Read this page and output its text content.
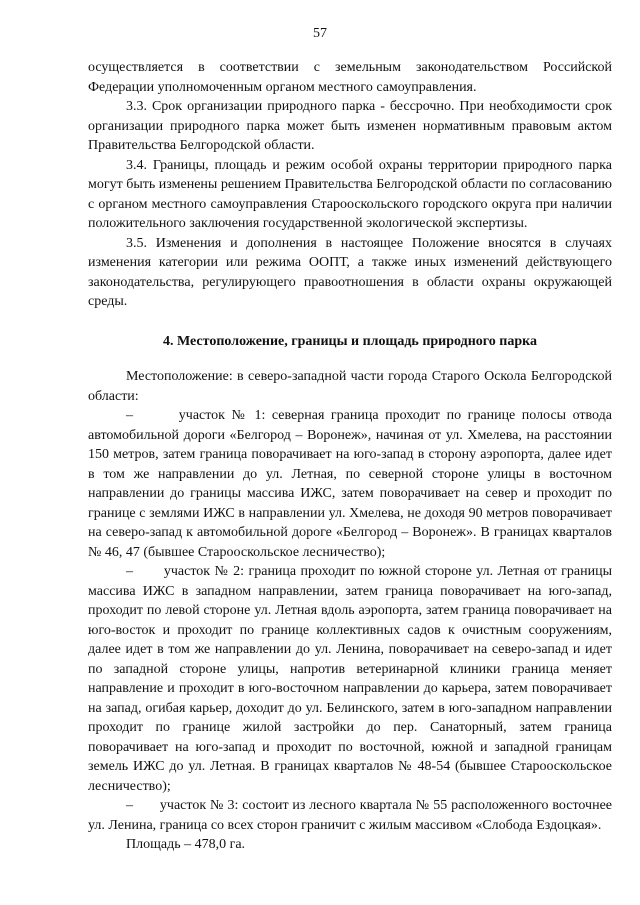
57

осуществляется в соответствии с земельным законодательством Российской Федерации уполномоченным органом местного самоуправления.

3.3. Срок организации природного парка - бессрочно. При необходимости срок организации природного парка может быть изменен нормативным правовым актом Правительства Белгородской области.

3.4. Границы, площадь и режим особой охраны территории природного парка могут быть изменены решением Правительства Белгородской области по согласованию с органом местного самоуправления Старооскольского городского округа при наличии положительного заключения государственной экологической экспертизы.

3.5. Изменения и дополнения в настоящее Положение вносятся в случаях изменения категории или режима ООПТ, а также иных изменений действующего законодательства, регулирующего правоотношения в области охраны окружающей среды.

4. Местоположение, границы и площадь природного парка

Местоположение: в северо-западной части города Старого Оскола Белгородской области:

–       участок № 1: северная граница проходит по границе полосы отвода автомобильной дороги «Белгород – Воронеж», начиная от ул. Хмелева, на расстоянии 150 метров, затем граница поворачивает на юго-запад в сторону аэропорта, далее идет в том же направлении до ул. Летная, по северной стороне улицы в восточном направлении до границы массива ИЖС, затем поворачивает на север и проходит по границе с землями ИЖС в направлении ул. Хмелева, не доходя 90 метров поворачивает на северо-запад к автомобильной дороге «Белгород – Воронеж». В границах кварталов № 46, 47 (бывшее Старооскольское лесничество);

–       участок № 2: граница проходит по южной стороне ул. Летная от границы массива ИЖС в западном направлении, затем граница поворачивает на юго-запад, проходит по левой стороне ул. Летная вдоль аэропорта, затем граница поворачивает на юго-восток и проходит по границе коллективных садов к очистным сооружениям, далее идет в том же направлении до ул. Ленина, поворачивает на северо-запад и идет по западной стороне улицы, напротив ветеринарной клиники граница меняет направление и проходит в юго-восточном направлении до карьера, затем поворачивает на запад, огибая карьер, доходит до ул. Белинского, затем в юго-западном направлении проходит по границе жилой застройки до пер. Санаторный, затем граница поворачивает на юго-запад и проходит по восточной, южной и западной границам земель ИЖС до ул. Летная. В границах кварталов № 48-54 (бывшее Старооскольское лесничество);

–       участок № 3: состоит из лесного квартала № 55 расположенного восточнее ул. Ленина, граница со всех сторон граничит с жилым массивом «Слобода Ездоцкая».

Площадь – 478,0 га.
